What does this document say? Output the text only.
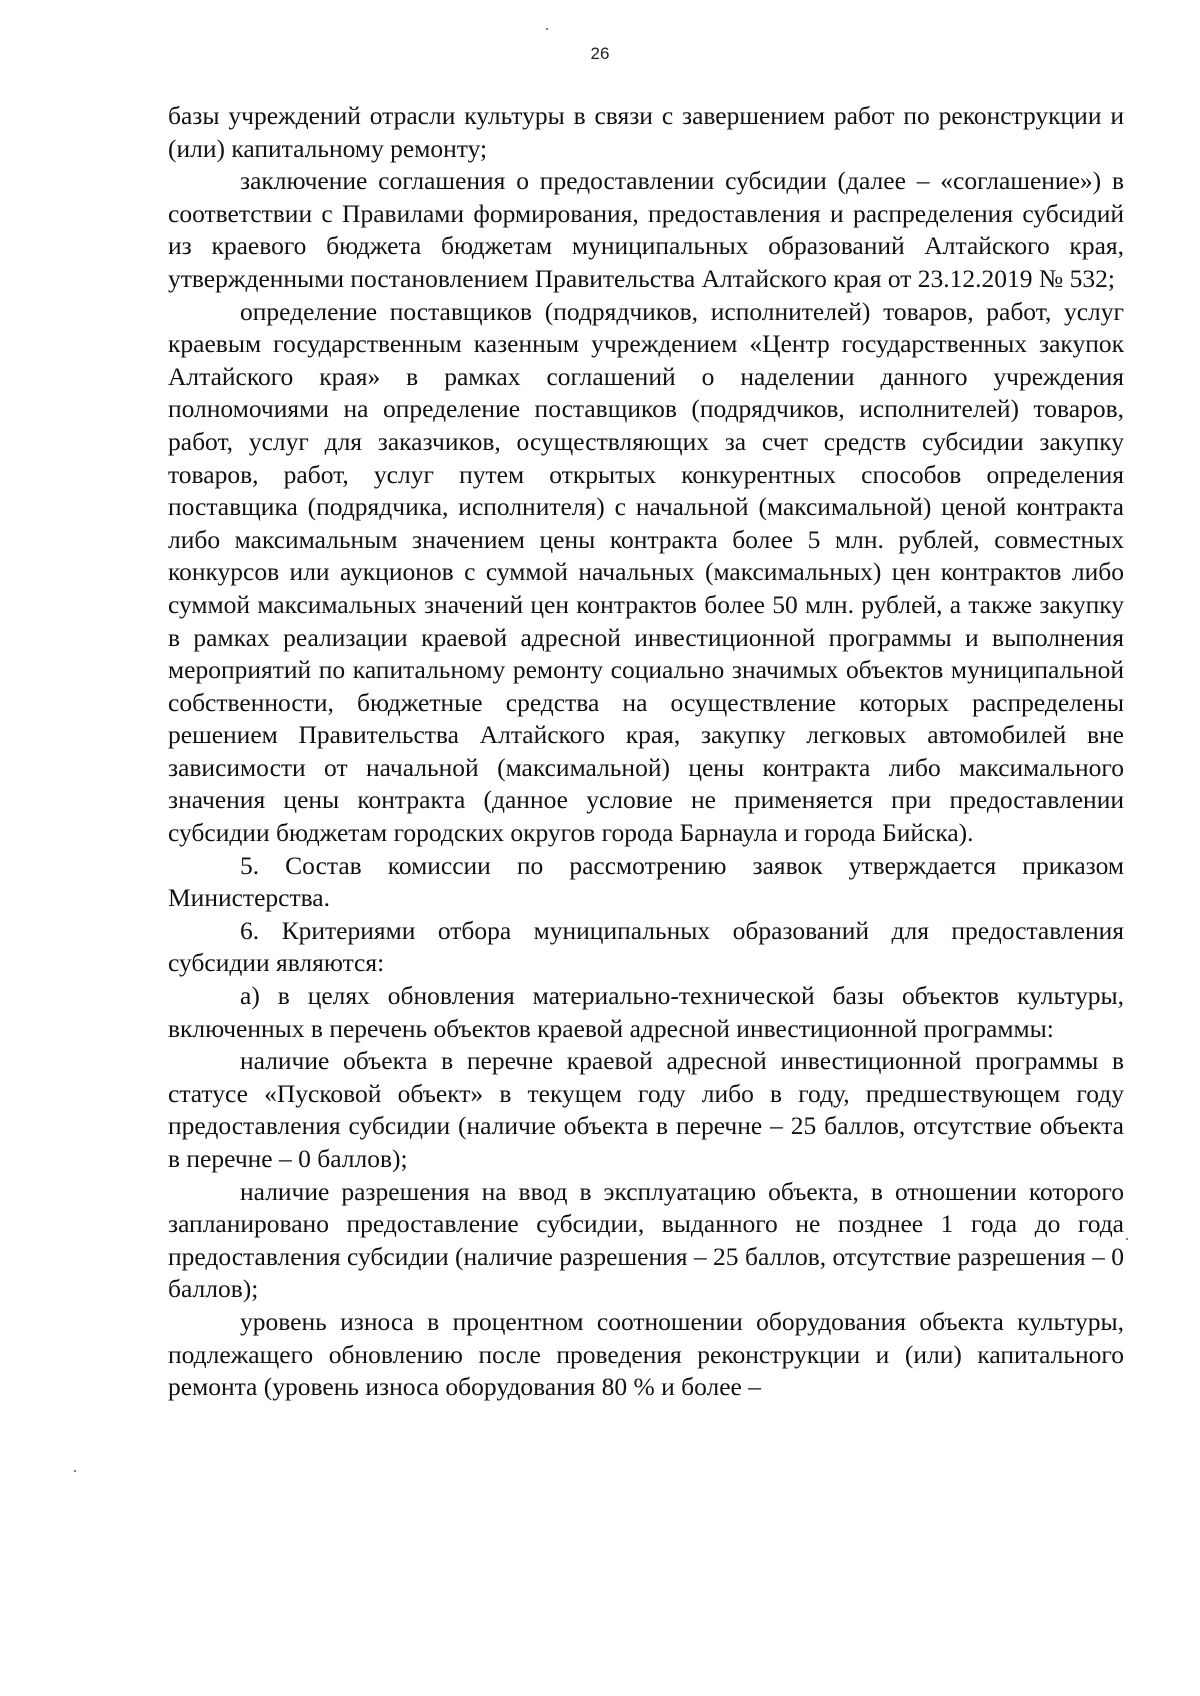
26

базы учреждений отрасли культуры в связи с завершением работ по реконструкции и (или) капитальному ремонту;

заключение соглашения о предоставлении субсидии (далее – «соглашение») в соответствии с Правилами формирования, предоставления и распределения субсидий из краевого бюджета бюджетам муниципальных образований Алтайского края, утвержденными постановлением Правительства Алтайского края от 23.12.2019 № 532;

определение поставщиков (подрядчиков, исполнителей) товаров, работ, услуг краевым государственным казенным учреждением «Центр государственных закупок Алтайского края» в рамках соглашений о наделении данного учреждения полномочиями на определение поставщиков (подрядчиков, исполнителей) товаров, работ, услуг для заказчиков, осуществляющих за счет средств субсидии закупку товаров, работ, услуг путем открытых конкурентных способов определения поставщика (подрядчика, исполнителя) с начальной (максимальной) ценой контракта либо максимальным значением цены контракта более 5 млн. рублей, совместных конкурсов или аукционов с суммой начальных (максимальных) цен контрактов либо суммой максимальных значений цен контрактов более 50 млн. рублей, а также закупку в рамках реализации краевой адресной инвестиционной программы и выполнения мероприятий по капитальному ремонту социально значимых объектов муниципальной собственности, бюджетные средства на осуществление которых распределены решением Правительства Алтайского края, закупку легковых автомобилей вне зависимости от начальной (максимальной) цены контракта либо максимального значения цены контракта (данное условие не применяется при предоставлении субсидии бюджетам городских округов города Барнаула и города Бийска).

5. Состав комиссии по рассмотрению заявок утверждается приказом Министерства.

6. Критериями отбора муниципальных образований для предоставления субсидии являются:

а) в целях обновления материально-технической базы объектов культуры, включенных в перечень объектов краевой адресной инвестиционной программы:

наличие объекта в перечне краевой адресной инвестиционной программы в статусе «Пусковой объект» в текущем году либо в году, предшествующем году предоставления субсидии (наличие объекта в перечне – 25 баллов, отсутствие объекта в перечне – 0 баллов);

наличие разрешения на ввод в эксплуатацию объекта, в отношении которого запланировано предоставление субсидии, выданного не позднее 1 года до года предоставления субсидии (наличие разрешения – 25 баллов, отсутствие разрешения – 0 баллов);

уровень износа в процентном соотношении оборудования объекта культуры, подлежащего обновлению после проведения реконструкции и (или) капитального ремонта (уровень износа оборудования 80 % и более –
